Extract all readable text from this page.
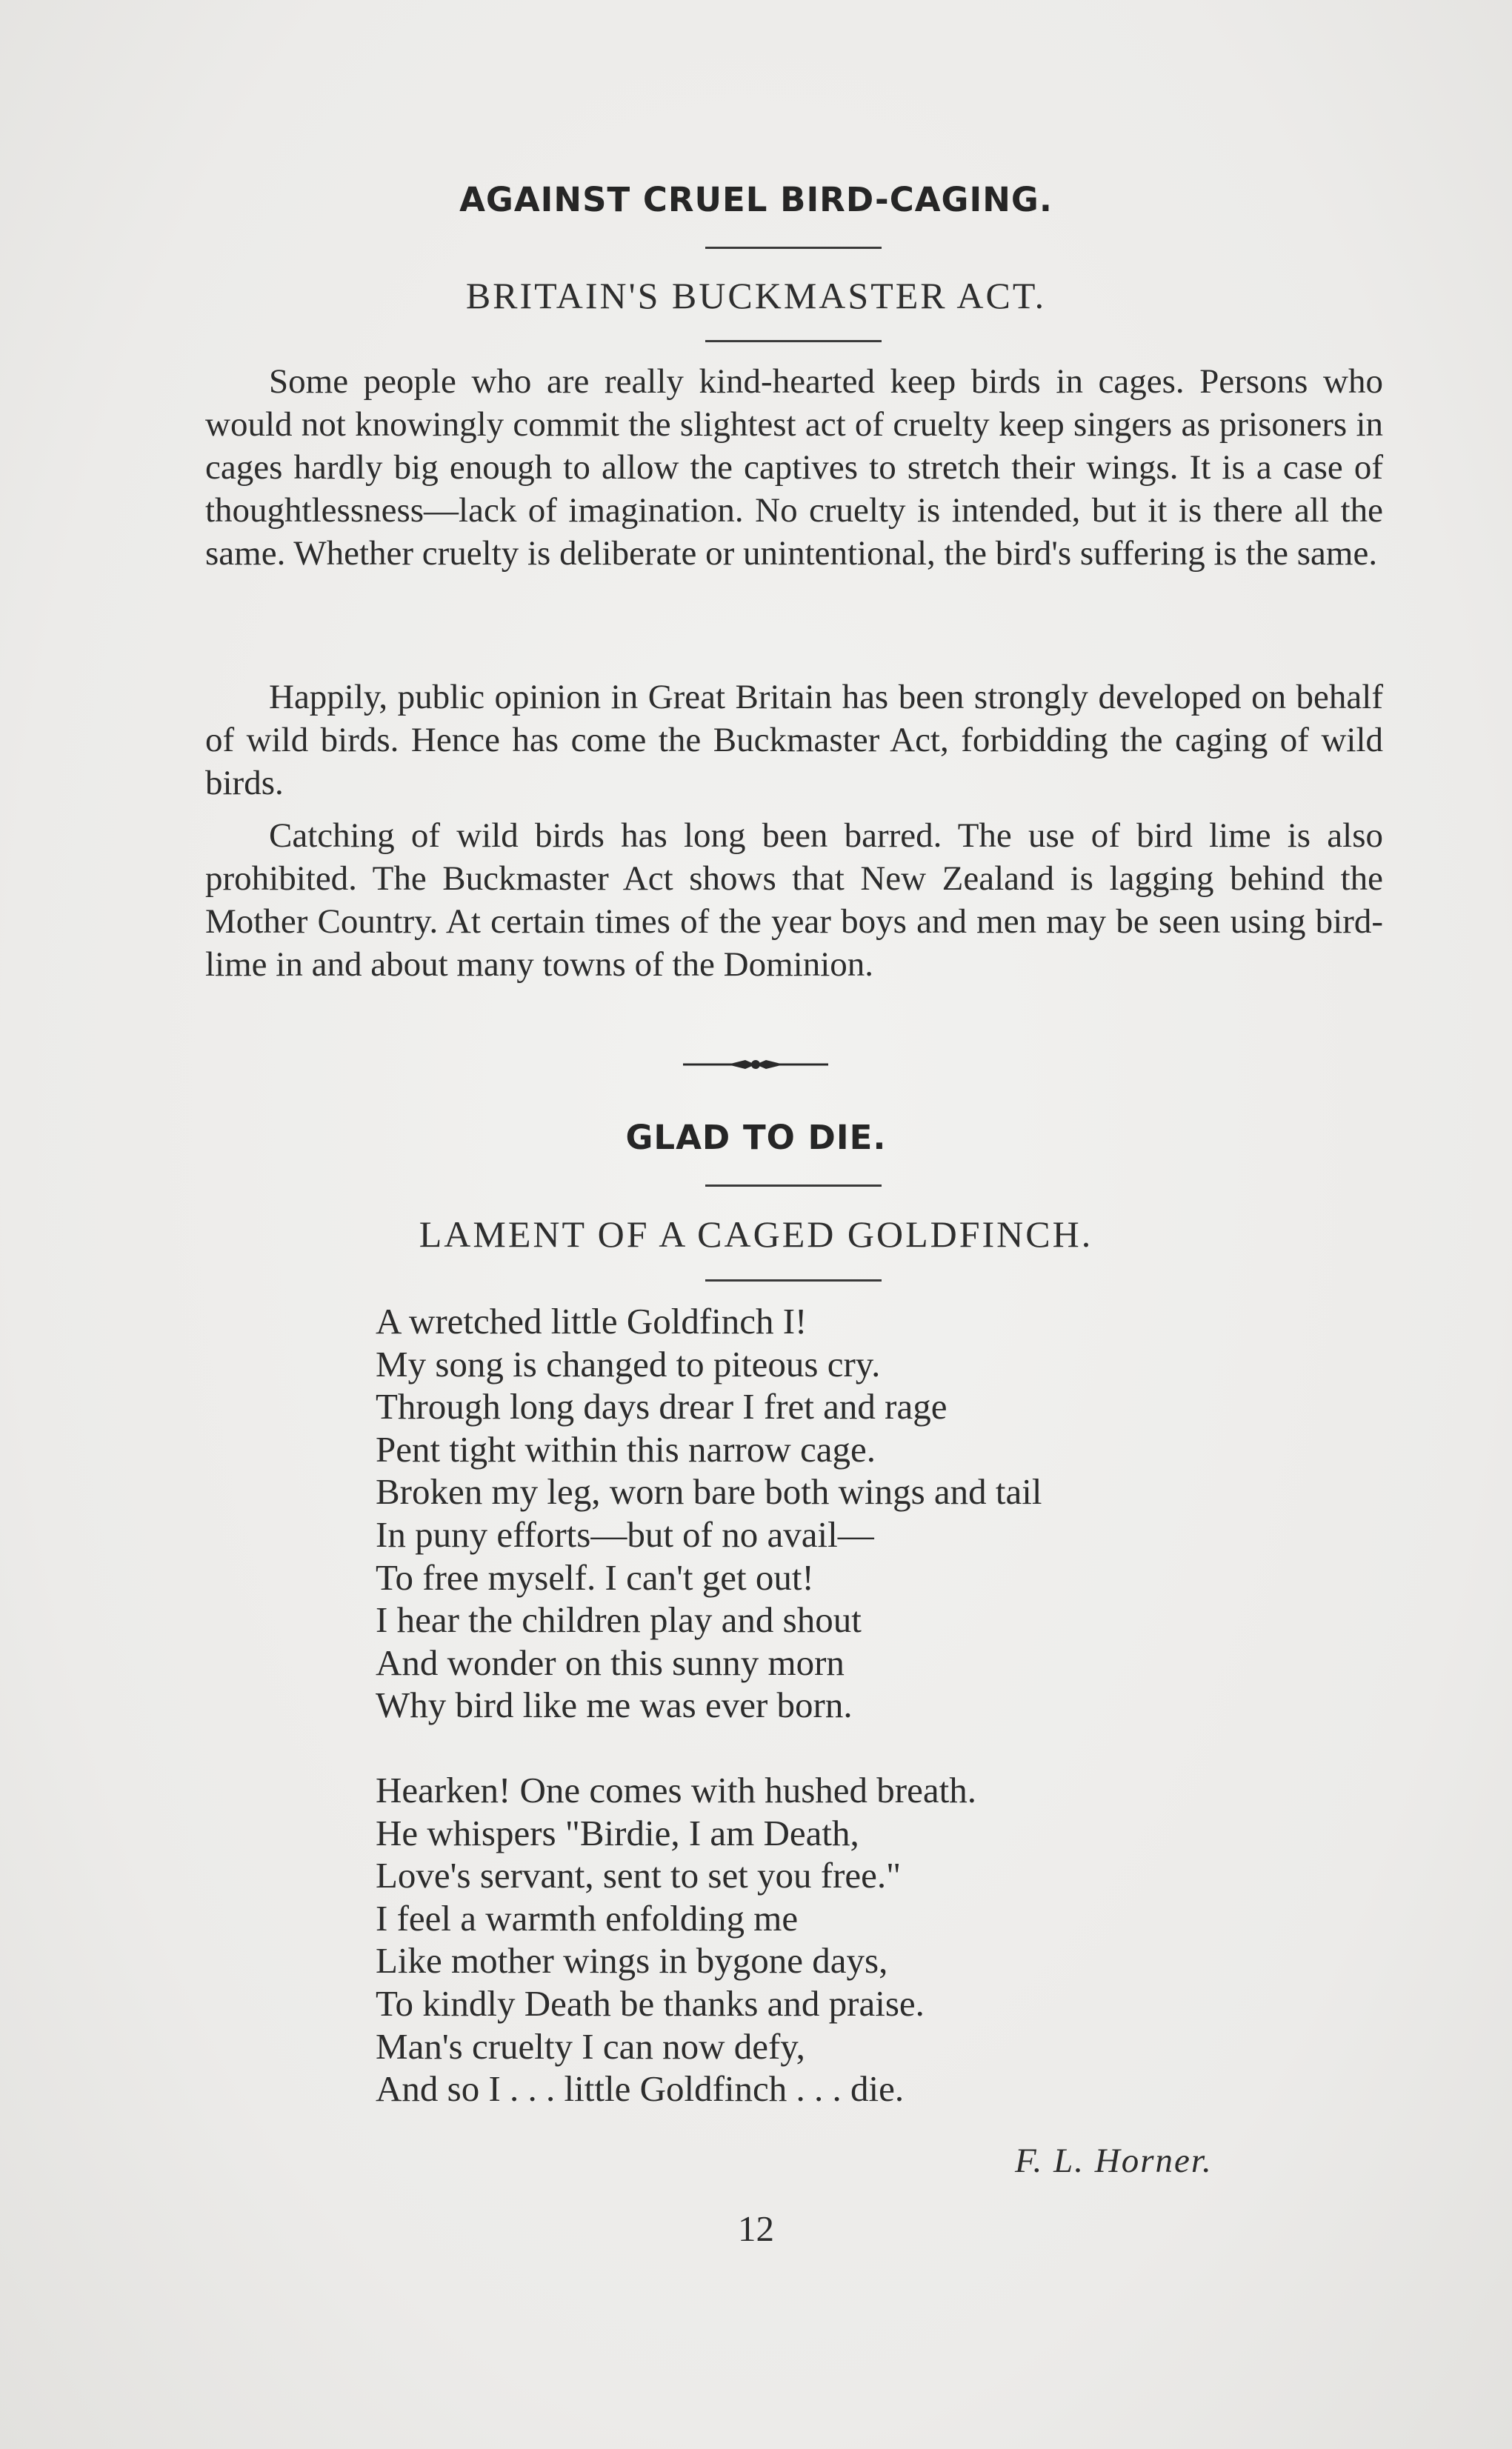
AGAINST CRUEL BIRD-CAGING.
BRITAIN'S BUCKMASTER ACT.

Some people who are really kind-hearted keep birds in cages. Persons who would not knowingly commit the slightest act of cruelty keep singers as prisoners in cages hardly big enough to allow the captives to stretch their wings. It is a case of thoughtlessness—lack of imagination. No cruelty is intended, but it is there all the same. Whether cruelty is deliberate or unintentional, the bird's suffering is the same.

Happily, public opinion in Great Britain has been strongly developed on behalf of wild birds. Hence has come the Buckmaster Act, forbidding the caging of wild birds.

Catching of wild birds has long been barred. The use of bird lime is also prohibited. The Buckmaster Act shows that New Zealand is lagging behind the Mother Country. At certain times of the year boys and men may be seen using bird-lime in and about many towns of the Dominion.

GLAD TO DIE.
LAMENT OF A CAGED GOLDFINCH.
A wretched little Goldfinch I!
My song is changed to piteous cry.
Through long days drear I fret and rage
Pent tight within this narrow cage.
Broken my leg, worn bare both wings and tail
In puny efforts—but of no avail—
To free myself. I can't get out!
I hear the children play and shout
And wonder on this sunny morn
Why bird like me was ever born.
Hearken! One comes with hushed breath.
He whispers "Birdie, I am Death,
Love's servant, sent to set you free."
I feel a warmth enfolding me
Like mother wings in bygone days,
To kindly Death be thanks and praise.
Man's cruelty I can now defy,
And so I . . . little Goldfinch . . . die.
F. L. Horner.
12
